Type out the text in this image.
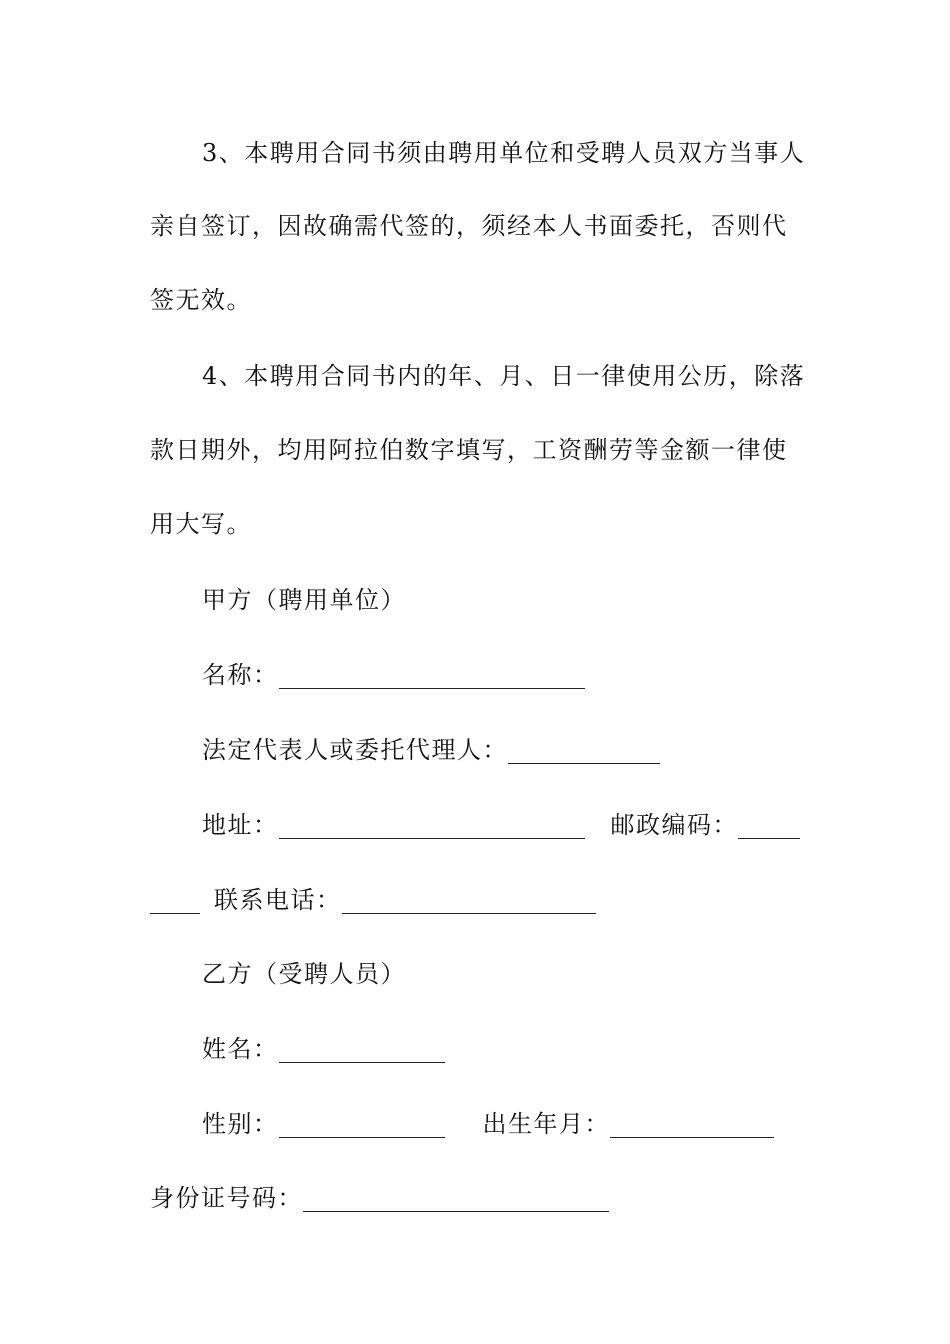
3、本聘用合同书须由聘用单位和受聘人员双方当事人
亲自签订，因故确需代签的，须经本人书面委托，否则代
签无效。
4、本聘用合同书内的年、月、日一律使用公历，除落
款日期外，均用阿拉伯数字填写，工资酬劳等金额一律使
用大写。
甲方（聘用单位）
名称：
法定代表人或委托代理人：
地址：	邮政编码：
联系电话：
乙方（受聘人员）
姓名：
性别：	出生年月：
身份证号码：
